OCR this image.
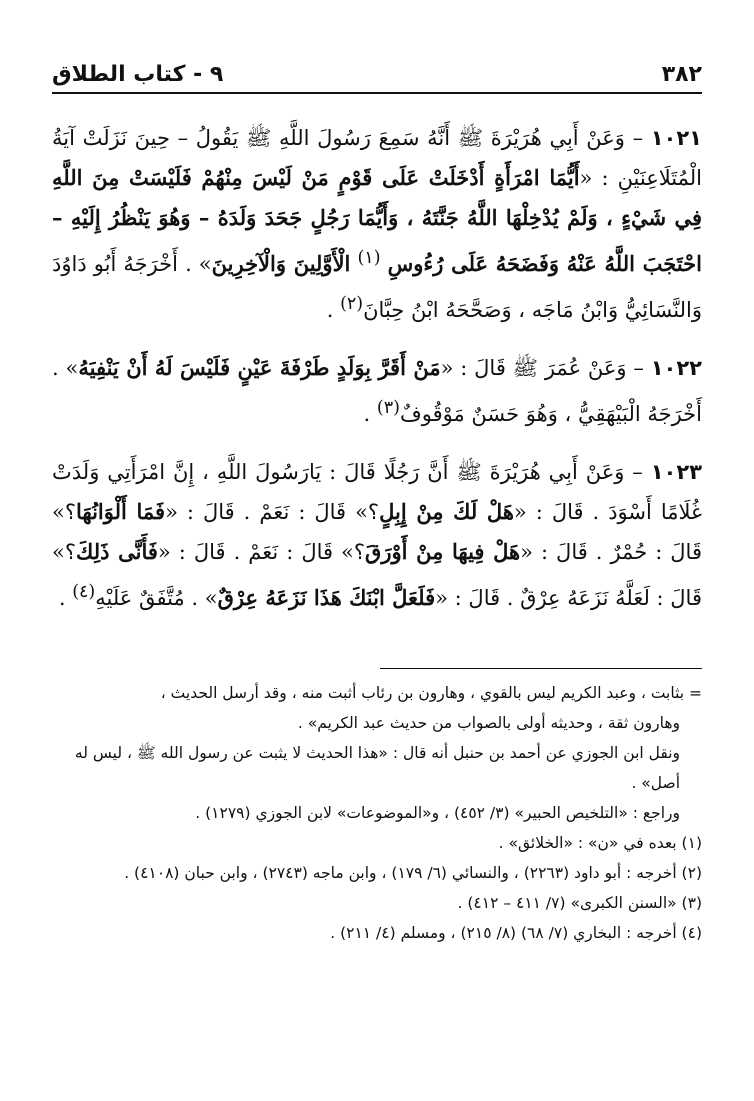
٩ - كتاب الطلاق	٣٨٢

١٠٢١ – وَعَنْ أَبِي هُرَيْرَةَ ﷺ أَنَّهُ سَمِعَ رَسُولَ اللَّهِ ﷺ يَقُولُ – حِينَ نَزَلَتْ آيَةُ الْمُتَلَاعِنَيْنِ : «أَيُّمَا امْرَأَةٍ أَدْخَلَتْ عَلَى قَوْمٍ مَنْ لَيْسَ مِنْهُمْ فَلَيْسَتْ مِنَ اللَّهِ فِي شَيْءٍ ، وَلَمْ يُدْخِلْهَا اللَّهُ جَنَّتَهُ ، وَأَيُّمَا رَجُلٍ جَحَدَ وَلَدَهُ – وَهُوَ يَنْظُرُ إِلَيْهِ – احْتَجَبَ اللَّهُ عَنْهُ وَفَضَحَهُ عَلَى رُءُوسِ $^{(١)}$ الْأَوَّلِينَ وَالْآخِرِينَ» . أَخْرَجَهُ أَبُو دَاوُدَ وَالنَّسَائِيُّ وَابْنُ مَاجَه ، وَصَحَّحَهُ ابْنُ حِبَّانَ$^{(٢)}$ .

١٠٢٢ – وَعَنْ عُمَرَ ﷺ قَالَ : «مَنْ أَقَرَّ بِوَلَدٍ طَرْفَةَ عَيْنٍ فَلَيْسَ لَهُ أَنْ يَنْفِيَهُ» . أَخْرَجَهُ الْبَيْهَقِيُّ ، وَهُوَ حَسَنٌ مَوْقُوفٌ$^{(٣)}$ .

١٠٢٣ – وَعَنْ أَبِي هُرَيْرَةَ ﷺ أَنَّ رَجُلًا قَالَ : يَارَسُولَ اللَّهِ ، إِنَّ امْرَأَتِي وَلَدَتْ غُلَامًا أَسْوَدَ . قَالَ : «هَلْ لَكَ مِنْ إِبِلٍ؟» قَالَ : نَعَمْ . قَالَ : «فَمَا أَلْوَانُهَا؟» قَالَ : حُمْرٌ . قَالَ : «هَلْ فِيهَا مِنْ أَوْرَقَ؟» قَالَ : نَعَمْ . قَالَ : «فَأَنَّى ذَلِكَ؟» قَالَ : لَعَلَّهُ نَزَعَهُ عِرْقٌ . قَالَ : «فَلَعَلَّ ابْنَكَ هَذَا نَزَعَهُ عِرْقٌ» . مُتَّفَقٌ عَلَيْهِ$^{(٤)}$ .

= بثابت ، وعبد الكريم ليس بالقوي ، وهارون بن رئاب أثبت منه ، وقد أرسل الحديث ،

وهارون ثقة ، وحديثه أولى بالصواب من حديث عبد الكريم» .

ونقل ابن الجوزي عن أحمد بن حنبل أنه قال : «هذا الحديث لا يثبت عن رسول الله ﷺ ، ليس له أصل» .

وراجع : «التلخيص الحبير» (٣/ ٤٥٢) ، و«الموضوعات» لابن الجوزي (١٢٧٩) .

(١) بعده في «ن» : «الخلائق» .

(٢) أخرجه : أبو داود (٢٢٦٣) ، والنسائي (٦/ ١٧٩) ، وابن ماجه (٢٧٤٣) ، وابن حبان (٤١٠٨) .

(٣) «السنن الكبرى» (٧/ ٤١١ – ٤١٢) .

(٤) أخرجه : البخاري (٧/ ٦٨) (٨/ ٢١٥) ، ومسلم (٤/ ٢١١) .
